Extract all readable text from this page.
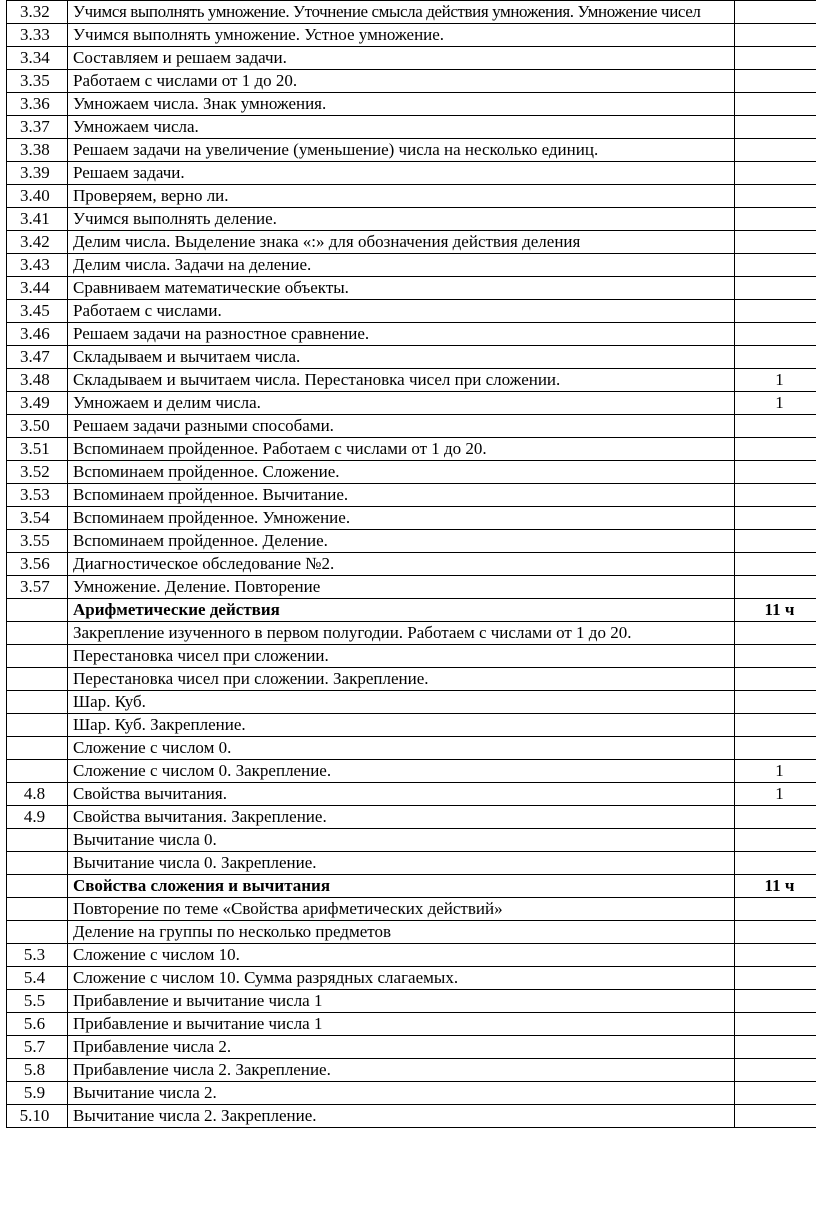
3.32	Учимся выполнять умножение. Уточнение смысла действия умножения. Умножение чисел	
3.33	Учимся выполнять умножение. Устное умножение.	
3.34	Составляем и решаем задачи.	
3.35	Работаем с числами от 1 до 20.	
3.36	Умножаем числа. Знак умножения.	
3.37	Умножаем числа.	
3.38	Решаем задачи на увеличение (уменьшение) числа на несколько единиц.	
3.39	Решаем задачи.	
3.40	Проверяем, верно ли.	
3.41	Учимся выполнять деление.	
3.42	Делим числа. Выделение знака «:» для обозначения действия деления	
3.43	Делим числа. Задачи на деление.	
3.44	Сравниваем математические объекты.	
3.45	Работаем с числами.	
3.46	Решаем задачи на разностное сравнение.	
3.47	Складываем и вычитаем числа.	
3.48	Складываем и вычитаем числа. Перестановка чисел при сложении.	1
3.49	Умножаем и делим числа.	1
3.50	Решаем задачи разными способами.	
3.51	Вспоминаем пройденное. Работаем с числами от 1 до 20.	
3.52	Вспоминаем пройденное. Сложение.	
3.53	Вспоминаем пройденное. Вычитание.	
3.54	Вспоминаем пройденное. Умножение.	
3.55	Вспоминаем пройденное. Деление.	
3.56	Диагностическое обследование №2.	
3.57	Умножение. Деление. Повторение	
	Арифметические действия	11 ч
	Закрепление изученного в первом полугодии. Работаем с числами от 1 до 20.	
	Перестановка чисел при сложении.	
	Перестановка чисел при сложении. Закрепление.	
	Шар. Куб.	
	Шар. Куб. Закрепление.	
	Сложение с числом 0.	
	Сложение с числом 0. Закрепление.	1
4.8	Свойства вычитания.	1
4.9	Свойства вычитания. Закрепление.	
	Вычитание числа 0.	
	Вычитание числа 0. Закрепление.	
	Свойства сложения и вычитания	11 ч
	Повторение по теме «Свойства арифметических действий»	
	Деление на группы по несколько предметов	
5.3	Сложение с числом 10.	
5.4	Сложение с числом 10. Сумма разрядных слагаемых.	
5.5	Прибавление и вычитание числа 1	
5.6	Прибавление и вычитание числа 1	
5.7	Прибавление числа 2.	
5.8	Прибавление числа 2. Закрепление.	
5.9	Вычитание числа 2.	
5.10	Вычитание числа 2. Закрепление.	
